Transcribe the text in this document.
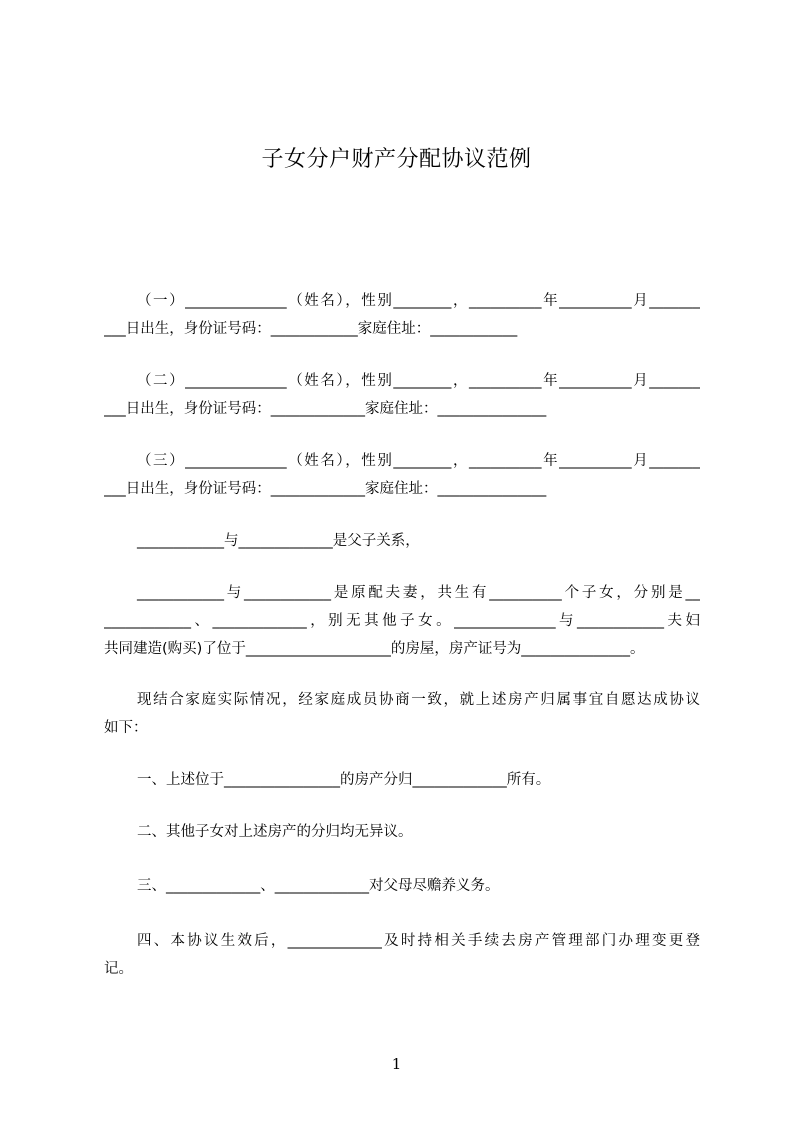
子女分户财产分配协议范例
（一）______________（姓名），性别________，__________年__________月_______
___日出生，身份证号码：____________家庭住址：____________
（二）______________（姓名），性别________，__________年__________月_______
___日出生，身份证号码：_____________家庭住址：_______________
（三）______________（姓名），性别________，__________年__________月_______
___日出生，身份证号码：_____________家庭住址：_______________
____________与_____________是父子关系，
____________与____________是原配夫妻，共生有__________个子女，分别是__
____________、_____________，别无其他子女。______________与____________夫妇
共同建造(购买)了位于____________________的房屋，房产证号为_______________。
现结合家庭实际情况，经家庭成员协商一致，就上述房产归属事宜自愿达成协议
如下：
一、上述位于________________的房产分归_____________所有。
二、其他子女对上述房产的分归均无异议。
三、_____________、_____________对父母尽赡养义务。
四、本协议生效后，_____________及时持相关手续去房产管理部门办理变更登
记。
1
